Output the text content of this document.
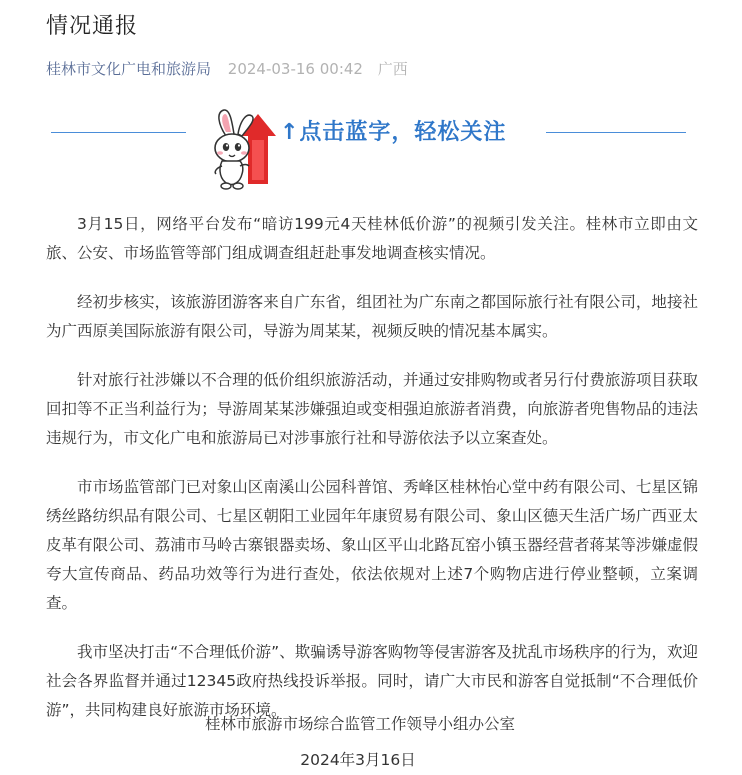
情况通报
桂林市文化广电和旅游局 2024-03-16 00:42 广西
↑点击蓝字，轻松关注

3月15日，网络平台发布“暗访199元4天桂林低价游”的视频引发关注。桂林市立即由文旅、公安、市场监管等部门组成调查组赶赴事发地调查核实情况。

经初步核实，该旅游团游客来自广东省，组团社为广东南之都国际旅行社有限公司，地接社为广西原美国际旅游有限公司，导游为周某某，视频反映的情况基本属实。

针对旅行社涉嫌以不合理的低价组织旅游活动，并通过安排购物或者另行付费旅游项目获取回扣等不正当利益行为；导游周某某涉嫌强迫或变相强迫旅游者消费，向旅游者兜售物品的违法违规行为，市文化广电和旅游局已对涉事旅行社和导游依法予以立案查处。

市市场监管部门已对象山区南溪山公园科普馆、秀峰区桂林怡心堂中药有限公司、七星区锦绣丝路纺织品有限公司、七星区朝阳工业园年年康贸易有限公司、象山区德天生活广场广西亚太皮革有限公司、荔浦市马岭古寨银器卖场、象山区平山北路瓦窑小镇玉器经营者蒋某等涉嫌虚假夸大宣传商品、药品功效等行为进行查处，依法依规对上述7个购物店进行停业整顿，立案调查。

我市坚决打击“不合理低价游”、欺骗诱导游客购物等侵害游客及扰乱市场秩序的行为，欢迎社会各界监督并通过12345政府热线投诉举报。同时，请广大市民和游客自觉抵制“不合理低价游”，共同构建良好旅游市场环境。

桂林市旅游市场综合监管工作领导小组办公室
2024年3月16日
